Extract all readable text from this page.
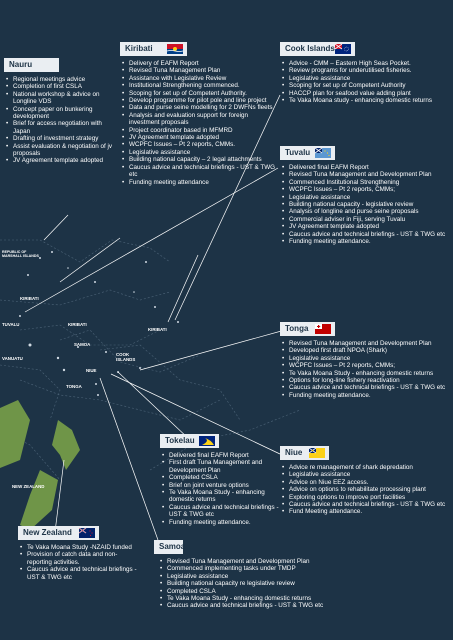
REPUBLIC OF MARSHALL ISLANDS
KIRIBATI
KIRIBATI
KIRIBATI
TUVALU
VANUATU
SAMOA
COOK ISLANDS
NIUE
TONGA
NEW ZEALAND
Nauru
• Regional meetings advice
• Completion of first CSLA
• National workshop & advice on Longline VDS
• Concept paper on bunkering development
• Brief for access negotiation with Japan
• Drafting of investment strategy
• Assist evaluation & negotiation of jv proposals
• JV Agreement template adopted
Kiribati
• Delivery of EAFM Report
• Revised Tuna Management Plan
• Assistance with Legislative Review
• Institutional Strengthening commenced.
• Scoping for set up of Competent Authority.
• Develop programme for pilot pole and line project
• Data and purse seine modelling for 2 DWFNs fleets
• Analysis and evaluation support for foreign investment proposals
• Project coordinator based in MFMRD
• JV Agreement template adopted
• WCPFC Issues – Pt 2 reports, CMMs.
• Legislative assistance
• Building national capacity – 2 legal attachments
• Caucus advice and technical briefings - UST & TWG etc
• Funding meeting attendance
Cook Islands
• Advice - CMM – Eastern High Seas Pocket.
• Review programs for underutilised fisheries.
• Legislative assistance
• Scoping for set up of Competent Authority
• HACCP plan for seafood value adding plant
• Te Vaka Moana study - enhancing domestic returns
Tuvalu
• Delivered final EAFM Report
• Revised Tuna Management and Development Plan
• Commenced Institutional Strengthening
• WCPFC Issues – Pt 2 reports, CMMs;
• Legislative assistance
• Building national capacity - legislative review
• Analysis of longline and purse seine proposals
• Commercial adviser in Fiji, serving Tuvalu
• JV Agreement template adopted
• Caucus advice and technical briefings - UST & TWG etc
• Funding meeting attendance.
Tonga
• Revised Tuna Management and Development Plan
• Developed first draft NPOA (Shark)
• Legislative assistance
• WCPFC Issues – Pt 2 reports, CMMs;
• Te Vaka Moana Study - enhancing domestic returns
• Options for long-line fishery reactivation
• Caucus advice and technical briefings - UST & TWG etc
• Funding meeting attendance.
Tokelau
• Delivered final EAFM Report
• First draft Tuna Management and Development Plan
• Completed CSLA
• Brief on joint venture options
• Te Vaka Moana Study - enhancing domestic returns
• Caucus advice and technical briefings - UST & TWG etc
• Funding meeting attendance.
Niue
• Advice re management of shark depredation
• Legislative assistance
• Advice on Niue EEZ access.
• Advice on options to rehabilitate processing plant
• Exploring options to improve port facilities
• Caucus advice and technical briefings - UST & TWG etc
• Fund Meeting attendance.
New Zealand
• Te Vaka Moana Study -NZAID funded
• Provision of catch data and non-reporting activities.
• Caucus advice and technical briefings - UST & TWG etc
Samoa
• Revised Tuna Management and Development Plan
• Commenced implementing tasks under TMDP
• Legislative assistance
• Building national capacity re legislative review
• Completed CSLA
• Te Vaka Moana Study - enhancing domestic returns
• Caucus advice and technical briefings - UST & TWG etc
